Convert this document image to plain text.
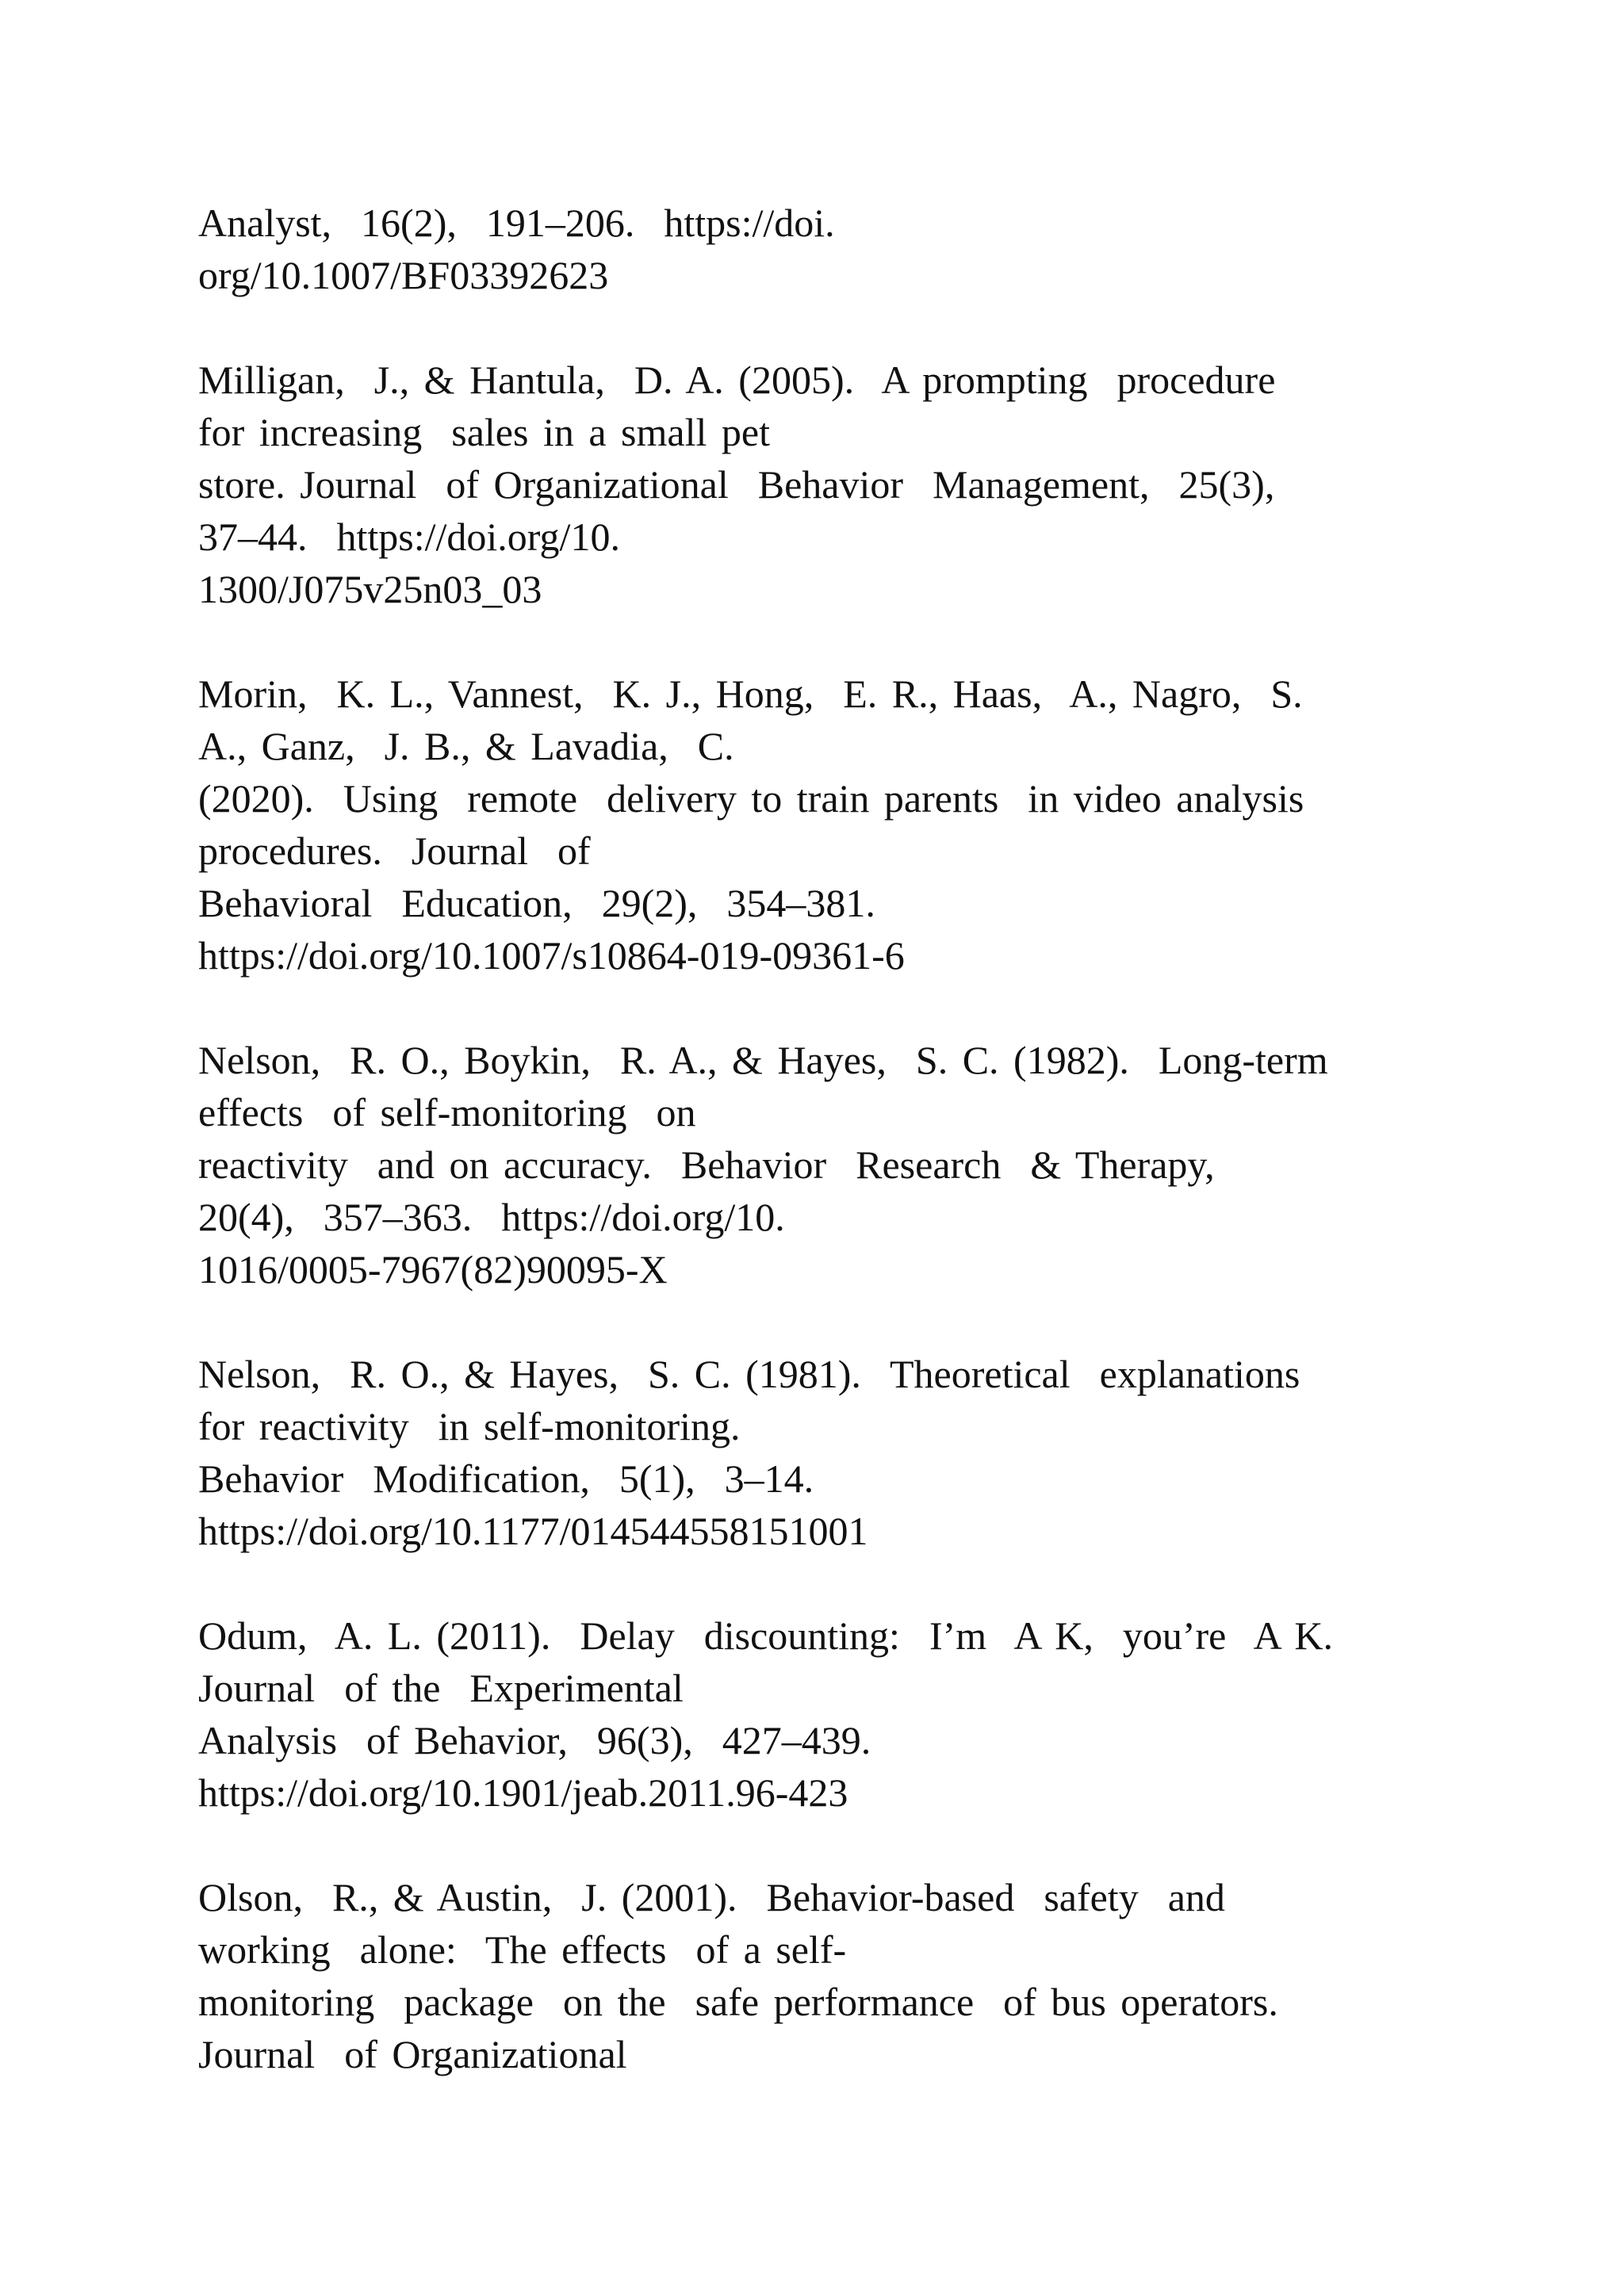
Analyst,  16(2),  191–206.  https://doi.
org/10.1007/BF03392623
Milligan,  J., & Hantula,  D. A. (2005).  A prompting  procedure
for increasing  sales in a small pet
store. Journal  of Organizational  Behavior  Management,  25(3),
37–44.  https://doi.org/10.
1300/J075v25n03_03
Morin,  K. L., Vannest,  K. J., Hong,  E. R., Haas,  A., Nagro,  S.
A., Ganz,  J. B., & Lavadia,  C.
(2020).  Using  remote  delivery to train parents  in video analysis
procedures.  Journal  of
Behavioral  Education,  29(2),  354–381.
https://doi.org/10.1007/s10864-019-09361-6
Nelson,  R. O., Boykin,  R. A., & Hayes,  S. C. (1982).  Long-term
effects  of self-monitoring  on
reactivity  and on accuracy.  Behavior  Research  & Therapy,
20(4),  357–363.  https://doi.org/10.
1016/0005-7967(82)90095-X
Nelson,  R. O., & Hayes,  S. C. (1981).  Theoretical  explanations
for reactivity  in self-monitoring.
Behavior  Modification,  5(1),  3–14.
https://doi.org/10.1177/014544558151001
Odum,  A. L. (2011).  Delay  discounting:  I’m  A K,  you’re  A K.
Journal  of the  Experimental
Analysis  of Behavior,  96(3),  427–439.
https://doi.org/10.1901/jeab.2011.96-423
Olson,  R., & Austin,  J. (2001).  Behavior-based  safety  and
working  alone:  The effects  of a self-
monitoring  package  on the  safe performance  of bus operators.
Journal  of Organizational
